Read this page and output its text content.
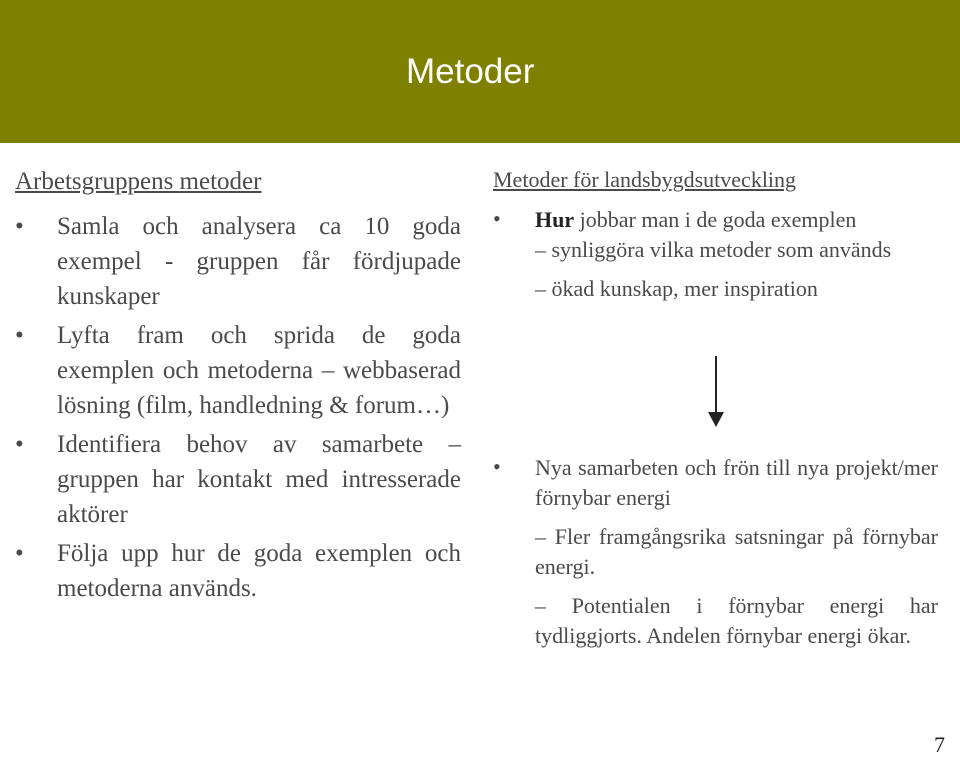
Metoder
Arbetsgruppens metoder
• Samla och analysera ca 10 goda exempel - gruppen får fördjupade kunskaper
• Lyfta fram och sprida de goda exemplen och metoderna – webbaserad lösning (film, handledning & forum…)
• Identifiera behov av samarbete – gruppen har kontakt med intresserade aktörer
• Följa upp hur de goda exemplen och metoderna används.
Metoder för landsbygdsutveckling
• Hur jobbar man i de goda exemplen
– synliggöra vilka metoder som används
– ökad kunskap, mer inspiration
• Nya samarbeten och frön till nya projekt/mer förnybar energi
– Fler framgångsrika satsningar på förnybar energi.
– Potentialen i förnybar energi har tydliggjorts. Andelen förnybar energi ökar.
7
